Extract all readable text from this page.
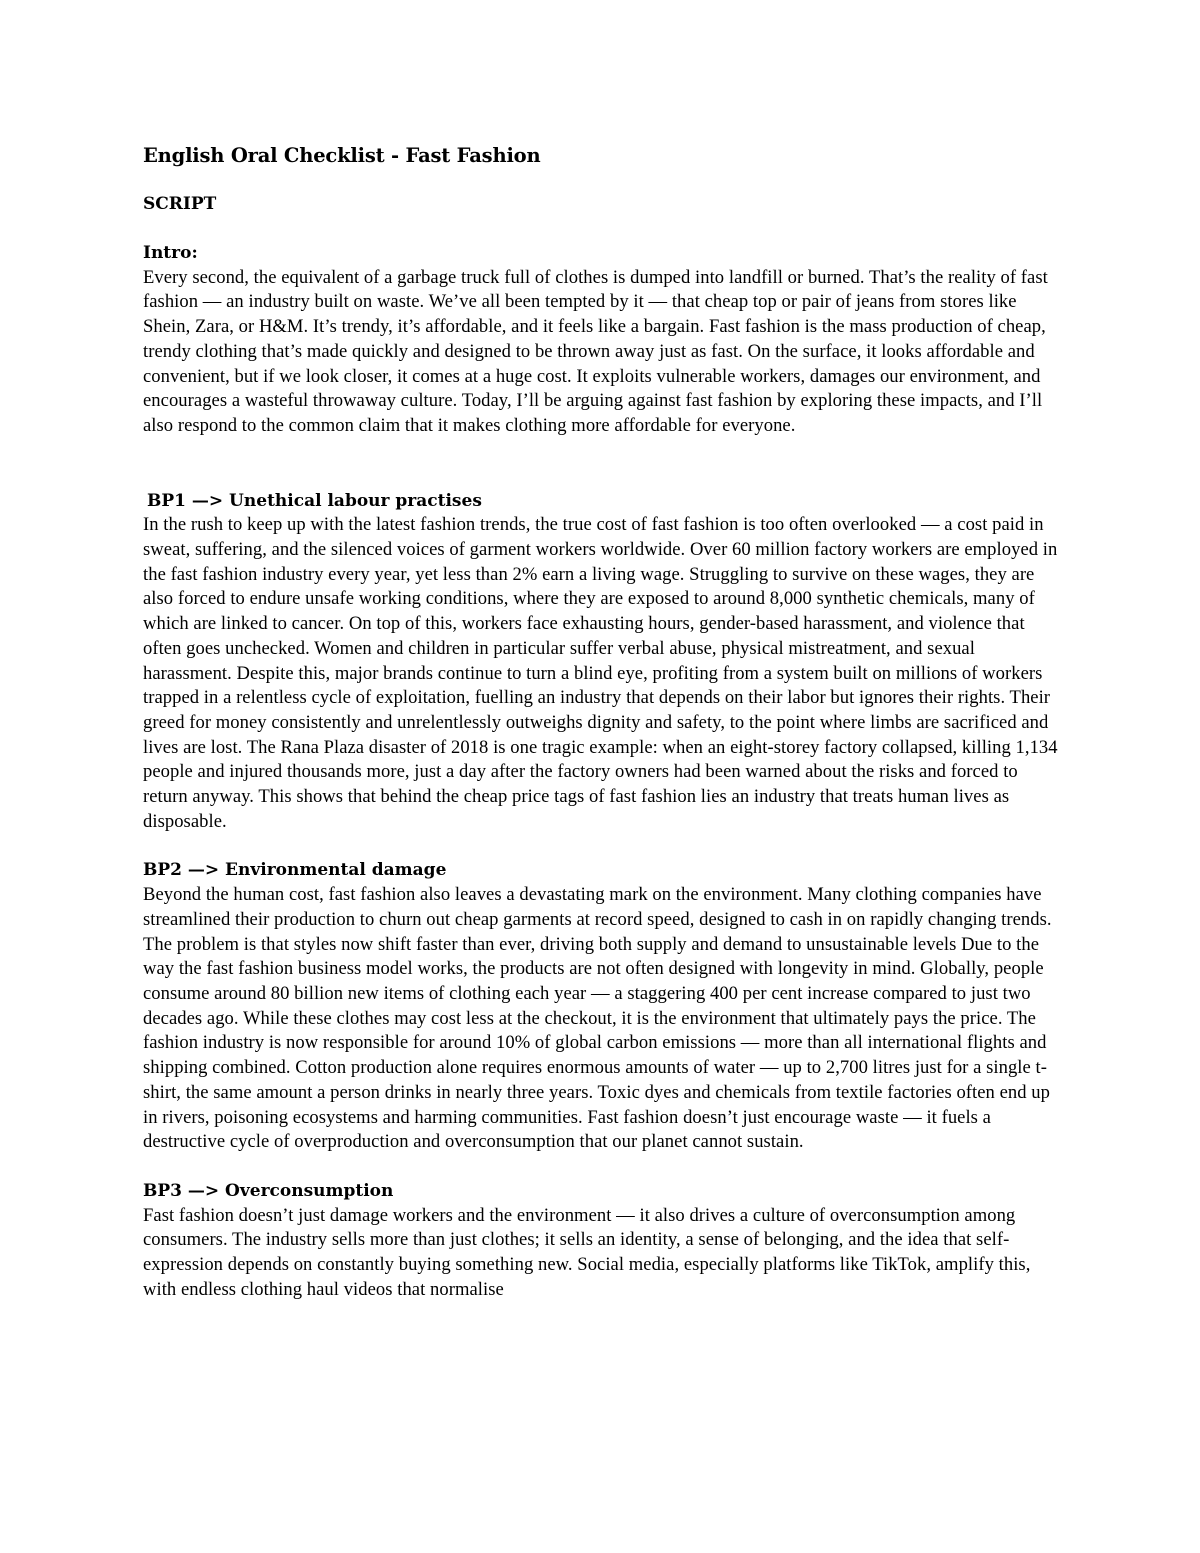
English Oral Checklist - Fast Fashion
SCRIPT
Intro:

Every second, the equivalent of a garbage truck full of clothes is dumped into landfill or burned. That’s the reality of fast fashion — an industry built on waste. We’ve all been tempted by it — that cheap top or pair of jeans from stores like Shein, Zara, or H&M. It’s trendy, it’s affordable, and it feels like a bargain. Fast fashion is the mass production of cheap, trendy clothing that’s made quickly and designed to be thrown away just as fast. On the surface, it looks affordable and convenient, but if we look closer, it comes at a huge cost. It exploits vulnerable workers, damages our environment, and encourages a wasteful throwaway culture. Today, I’ll be arguing against fast fashion by exploring these impacts, and I’ll also respond to the common claim that it makes clothing more affordable for everyone.

BP1 —> Unethical labour practises

In the rush to keep up with the latest fashion trends, the true cost of fast fashion is too often overlooked — a cost paid in sweat, suffering, and the silenced voices of garment workers worldwide. Over 60 million factory workers are employed in the fast fashion industry every year, yet less than 2% earn a living wage. Struggling to survive on these wages, they are also forced to endure unsafe working conditions, where they are exposed to around 8,000 synthetic chemicals, many of which are linked to cancer. On top of this, workers face exhausting hours, gender-based harassment, and violence that often goes unchecked. Women and children in particular suffer verbal abuse, physical mistreatment, and sexual harassment. Despite this, major brands continue to turn a blind eye, profiting from a system built on millions of workers trapped in a relentless cycle of exploitation, fuelling an industry that depends on their labor but ignores their rights. Their greed for money consistently and unrelentlessly outweighs dignity and safety, to the point where limbs are sacrificed and lives are lost. The Rana Plaza disaster of 2018 is one tragic example: when an eight-storey factory collapsed, killing 1,134 people and injured thousands more, just a day after the factory owners had been warned about the risks and forced to return anyway. This shows that behind the cheap price tags of fast fashion lies an industry that treats human lives as disposable.

BP2 —> Environmental damage

Beyond the human cost, fast fashion also leaves a devastating mark on the environment. Many clothing companies have streamlined their production to churn out cheap garments at record speed, designed to cash in on rapidly changing trends. The problem is that styles now shift faster than ever, driving both supply and demand to unsustainable levels Due to the way the fast fashion business model works, the products are not often designed with longevity in mind. Globally, people consume around 80 billion new items of clothing each year — a staggering 400 per cent increase compared to just two decades ago. While these clothes may cost less at the checkout, it is the environment that ultimately pays the price. The fashion industry is now responsible for around 10% of global carbon emissions — more than all international flights and shipping combined. Cotton production alone requires enormous amounts of water — up to 2,700 litres just for a single t-shirt, the same amount a person drinks in nearly three years. Toxic dyes and chemicals from textile factories often end up in rivers, poisoning ecosystems and harming communities. Fast fashion doesn’t just encourage waste — it fuels a destructive cycle of overproduction and overconsumption that our planet cannot sustain.

BP3 —> Overconsumption

Fast fashion doesn’t just damage workers and the environment — it also drives a culture of overconsumption among consumers. The industry sells more than just clothes; it sells an identity, a sense of belonging, and the idea that self-expression depends on constantly buying something new. Social media, especially platforms like TikTok, amplify this, with endless clothing haul videos that normalise
